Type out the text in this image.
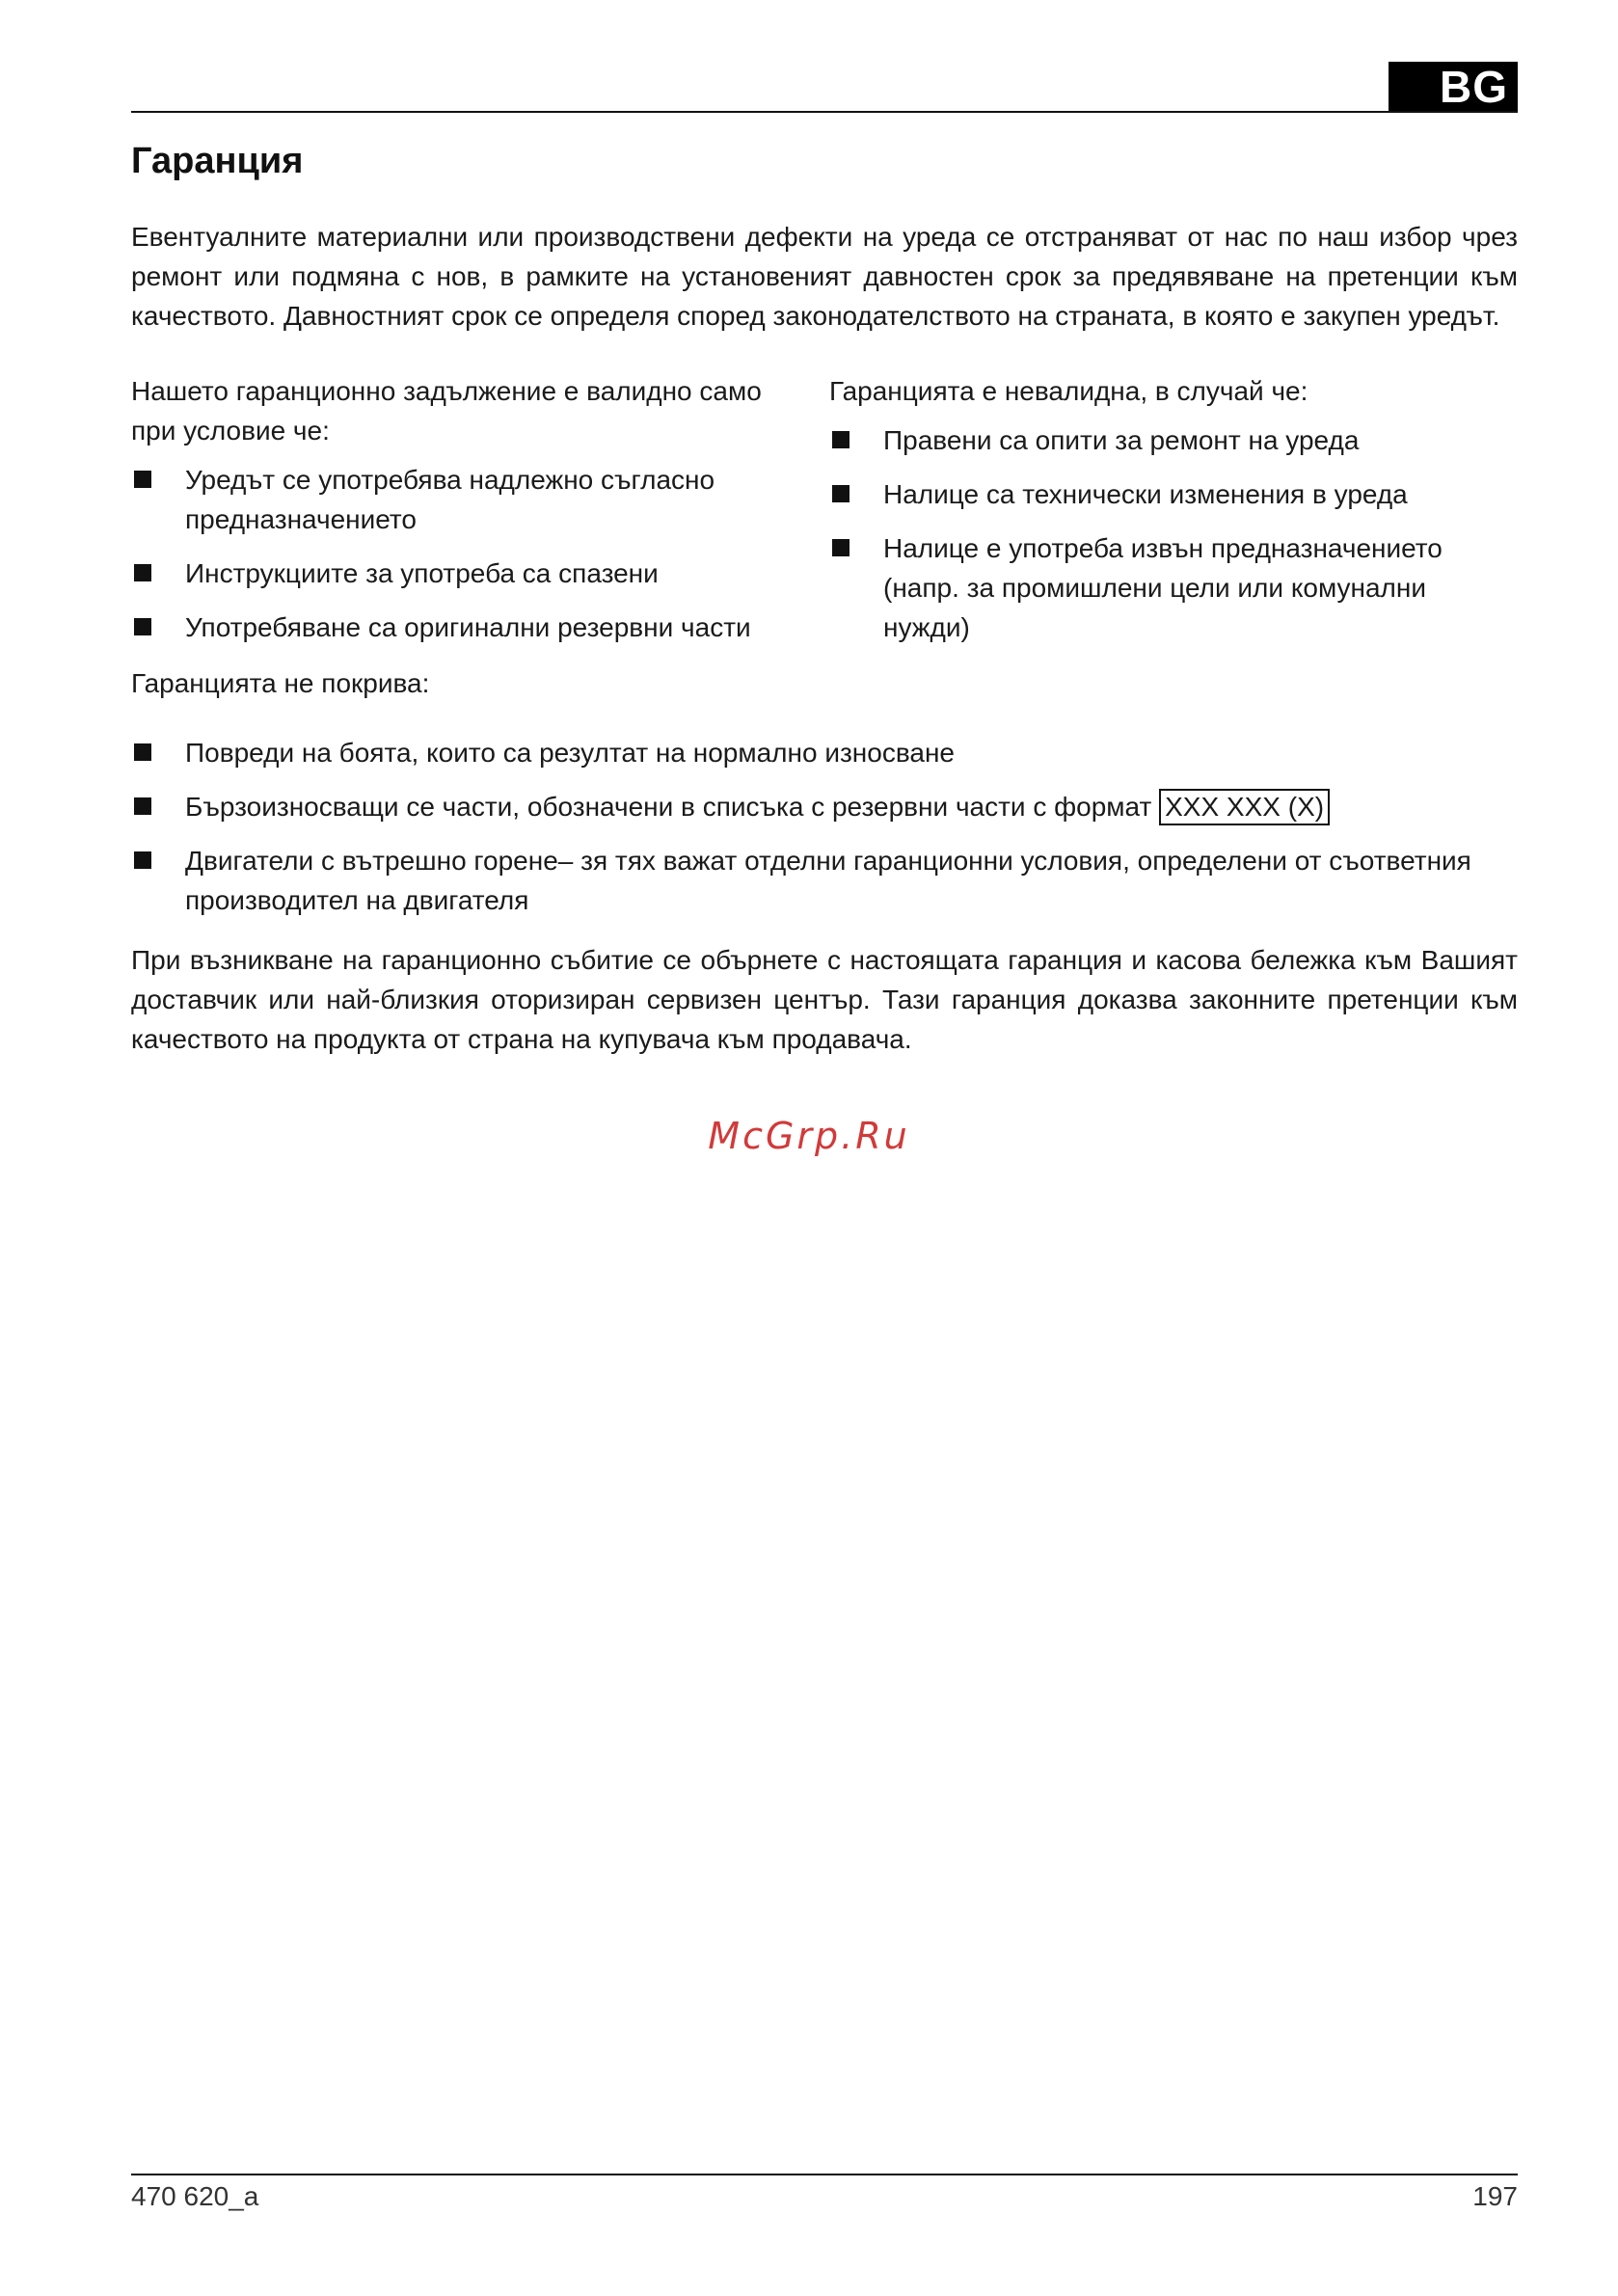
BG
Гаранция

Евентуалните материални или производствени дефекти на уреда се отстраняват от нас по наш избор чрез ремонт или подмяна с нов, в рамките на установеният давностен срок за предявяване на претенции към качеството. Давностният срок се определя според законодателството на страната, в която е закупен уредът.

Нашето гаранционно задължение е валидно само при условие че:

Уредът се употребява надлежно съгласно предназначението
Инструкциите за употреба са спазени
Употребяване са оригинални резервни части

Гаранцията е невалидна, в случай че:

Правени са опити за ремонт на уреда
Налице са технически изменения в уреда
Налице е употреба извън предназначението
(напр. за промишлени цели или комунални нужди)

Гаранцията не покрива:

Повреди на боята, които са резултат на нормално износване
Бързоизносващи се части, обозначени в списъка с резервни части с формат XXX XXX (X)
Двигатели с вътрешно горене– зя тях важат отделни гаранционни условия, определени от съответния производител на двигателя

При възникване на гаранционно събитие се обърнете с настоящата гаранция и касова бележка към Вашият доставчик или най-близкия оторизиран сервизен център. Тази гаранция доказва законните претенции към качеството на продукта от страна на купувача към продавача.

McGrp.Ru
470 620_a	197
